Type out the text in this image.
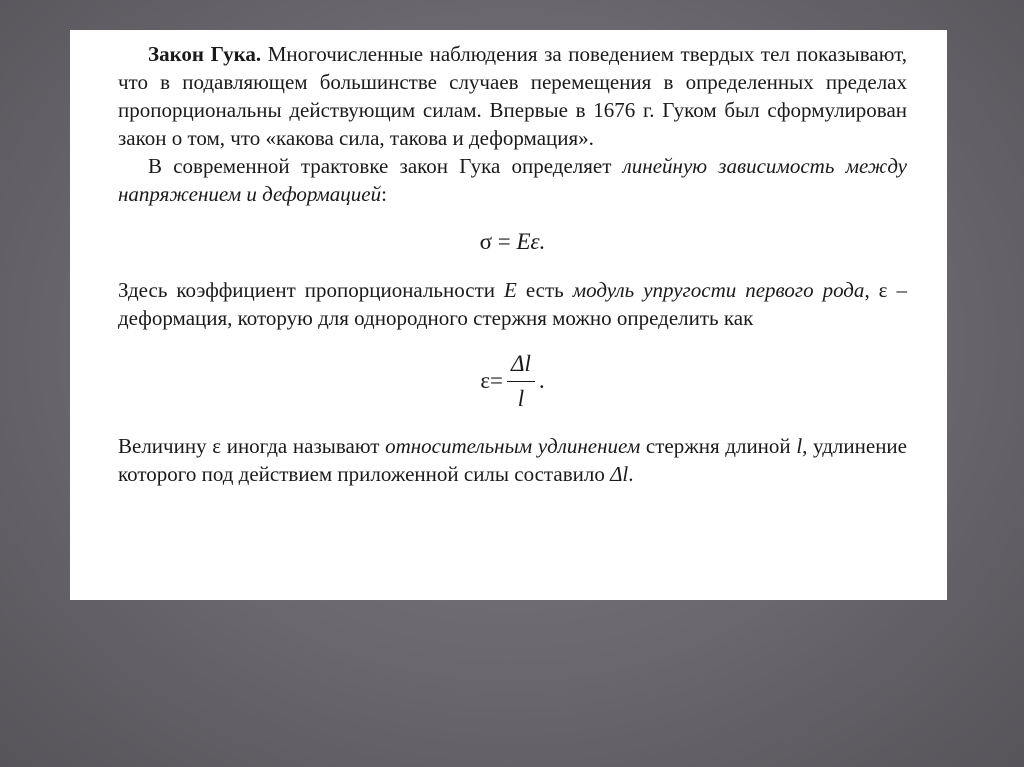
Закон Гука. Многочисленные наблюдения за поведением твердых тел показывают, что в подавляющем большинстве случаев перемещения в определенных пределах пропорциональны действующим силам. Впервые в 1676 г. Гуком был сформулирован закон о том, что «какова сила, такова и деформация».

В современной трактовке закон Гука определяет линейную зависимость между напряжением и деформацией:

σ = Eε.

Здесь коэффициент пропорциональности E есть модуль упругости первого рода, ε – деформация, которую для однородного стержня можно определить как

$\varepsilon = \frac{\Delta l}{l}$ .

Величину ε иногда называют относительным удлинением стержня длиной l, удлинение которого под действием приложенной силы составило Δl.
